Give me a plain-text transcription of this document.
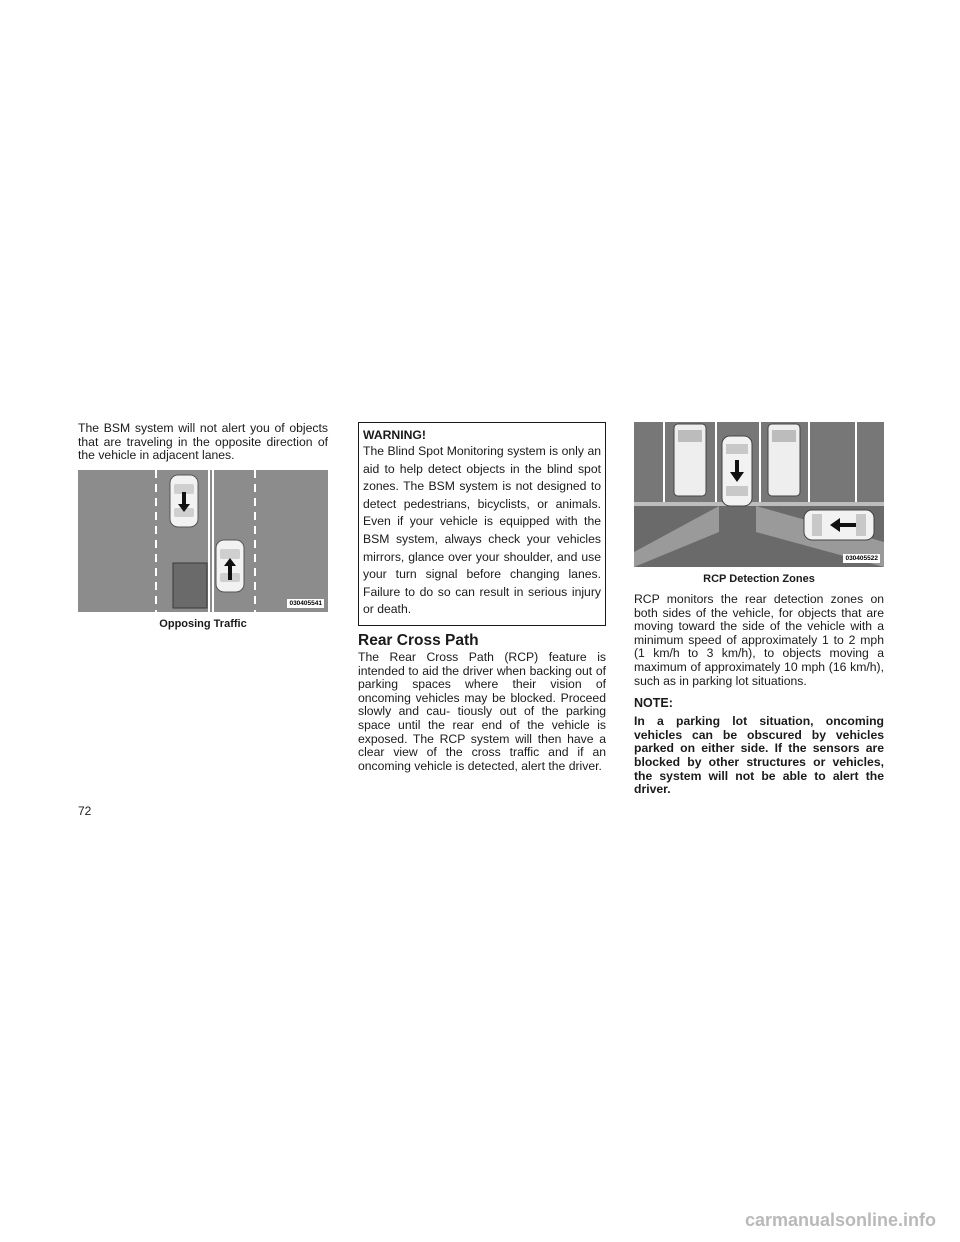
The BSM system will not alert you of objects that are traveling in the opposite direction of the vehicle in adjacent lanes.

030405541

Opposing Traffic

WARNING!

The Blind Spot Monitoring system is only an aid to help detect objects in the blind spot zones. The BSM system is not designed to detect pedestrians, bicyclists, or animals. Even if your vehicle is equipped with the BSM system, always check your vehicles mirrors, glance over your shoulder, and use your turn signal before changing lanes. Failure to do so can result in serious injury or death.

Rear Cross Path

The Rear Cross Path (RCP) feature is intended to aid the driver when backing out of parking spaces where their vision of oncoming vehicles may be blocked. Proceed slowly and cau- tiously out of the parking space until the rear end of the vehicle is exposed. The RCP system will then have a clear view of the cross traffic and if an oncoming vehicle is detected, alert the driver.

030405522

RCP Detection Zones

RCP monitors the rear detection zones on both sides of the vehicle, for objects that are moving toward the side of the vehicle with a minimum speed of approximately 1 to 2 mph (1 km/h to 3 km/h), to objects moving a maximum of approximately 10 mph (16 km/h), such as in parking lot situations.

NOTE:

In a parking lot situation, oncoming vehicles can be obscured by vehicles parked on either side. If the sensors are blocked by other structures or vehicles, the system will not be able to alert the driver.

72
carmanualsonline.info
